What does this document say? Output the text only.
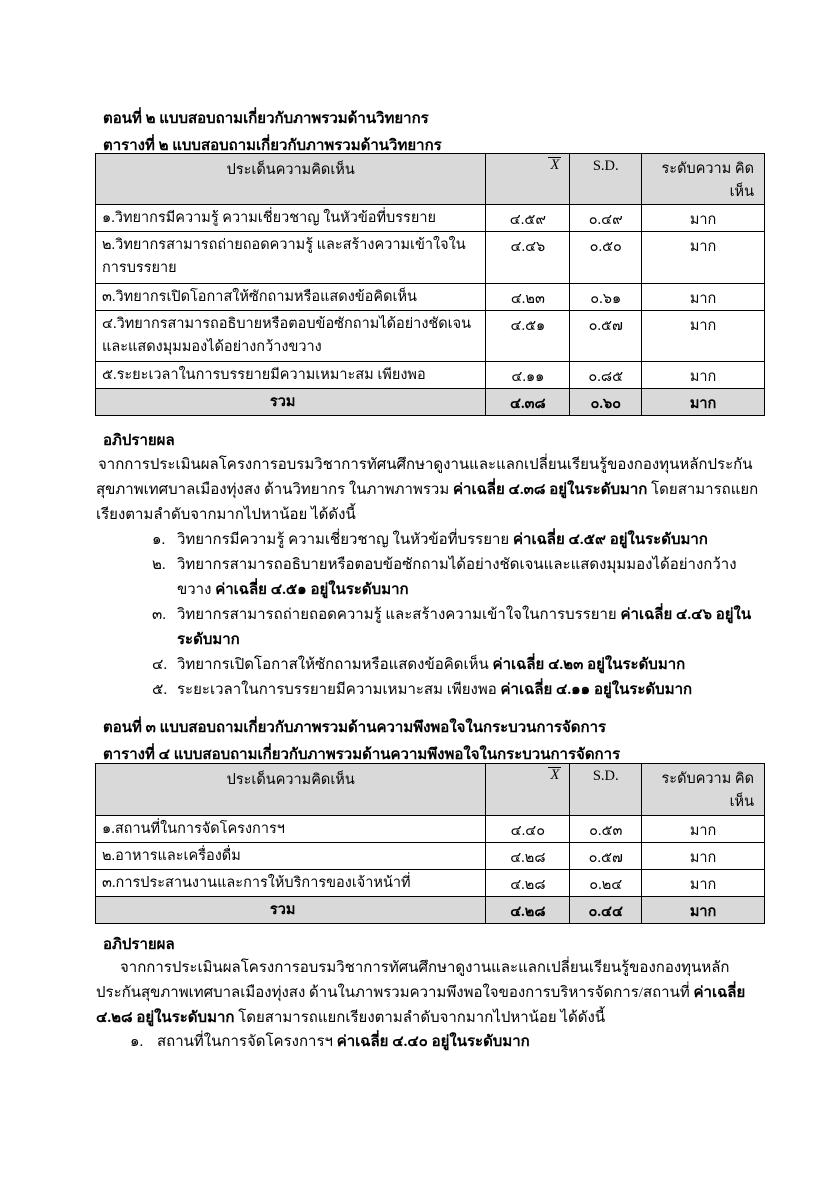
ตอนที่ ๒ แบบสอบถามเกี่ยวกับภาพรวมด้านวิทยากร
ตารางที่ ๒ แบบสอบถามเกี่ยวกับภาพรวมด้านวิทยากร
ประเด็นความคิดเห็น	X	S.D.	ระดับความ คิดเห็น
๑.วิทยากรมีความรู้ ความเชี่ยวชาญ ในหัวข้อที่บรรยาย	๔.๕๙	๐.๔๙	มาก
๒.วิทยากรสามารถถ่ายถอดความรู้ และสร้างความเข้าใจในการบรรยาย	๔.๔๖	๐.๕๐	มาก
๓.วิทยากรเปิดโอกาสให้ซักถามหรือแสดงข้อคิดเห็น	๔.๒๓	๐.๖๑	มาก
๔.วิทยากรสามารถอธิบายหรือตอบข้อซักถามได้อย่างชัดเจนและแสดงมุมมองได้อย่างกว้างขวาง	๔.๕๑	๐.๕๗	มาก
๕.ระยะเวลาในการบรรยายมีความเหมาะสม เพียงพอ	๔.๑๑	๐.๘๕	มาก
รวม	๔.๓๘	๐.๖๐	มาก
อภิปรายผล
จากการประเมินผลโครงการอบรมวิชาการทัศนศึกษาดูงานและแลกเปลี่ยนเรียนรู้ของกองทุนหลักประกันสุขภาพเทศบาลเมืองทุ่งสง ด้านวิทยากร ในภาพภาพรวม ค่าเฉลี่ย ๔.๓๘ อยู่ในระดับมาก โดยสามารถแยกเรียงตามลำดับจากมากไปหาน้อย ได้ดังนี้
๑. วิทยากรมีความรู้ ความเชี่ยวชาญ ในหัวข้อที่บรรยาย ค่าเฉลี่ย ๔.๕๙ อยู่ในระดับมาก
๒. วิทยากรสามารถอธิบายหรือตอบข้อซักถามได้อย่างชัดเจนและแสดงมุมมองได้อย่างกว้างขวาง ค่าเฉลี่ย ๔.๕๑ อยู่ในระดับมาก
๓. วิทยากรสามารถถ่ายถอดความรู้ และสร้างความเข้าใจในการบรรยาย ค่าเฉลี่ย ๔.๔๖ อยู่ในระดับมาก
๔. วิทยากรเปิดโอกาสให้ซักถามหรือแสดงข้อคิดเห็น ค่าเฉลี่ย ๔.๒๓ อยู่ในระดับมาก
๕. ระยะเวลาในการบรรยายมีความเหมาะสม เพียงพอ ค่าเฉลี่ย ๔.๑๑ อยู่ในระดับมาก
ตอนที่ ๓ แบบสอบถามเกี่ยวกับภาพรวมด้านความพึงพอใจในกระบวนการจัดการ
ตารางที่ ๔ แบบสอบถามเกี่ยวกับภาพรวมด้านความพึงพอใจในกระบวนการจัดการ
ประเด็นความคิดเห็น	X	S.D.	ระดับความ คิดเห็น
๑.สถานที่ในการจัดโครงการฯ	๔.๔๐	๐.๕๓	มาก
๒.อาหารและเครื่องดื่ม	๔.๒๘	๐.๕๗	มาก
๓.การประสานงานและการให้บริการของเจ้าหน้าที่	๔.๒๘	๐.๒๔	มาก
รวม	๔.๒๘	๐.๔๔	มาก
อภิปรายผล
จากการประเมินผลโครงการอบรมวิชาการทัศนศึกษาดูงานและแลกเปลี่ยนเรียนรู้ของกองทุนหลักประกันสุขภาพเทศบาลเมืองทุ่งสง ด้านในภาพรวมความพึงพอใจของการบริหารจัดการ/สถานที่ ค่าเฉลี่ย ๔.๒๘ อยู่ในระดับมาก โดยสามารถแยกเรียงตามลำดับจากมากไปหาน้อย ได้ดังนี้
๑. สถานที่ในการจัดโครงการฯ ค่าเฉลี่ย ๔.๔๐ อยู่ในระดับมาก
